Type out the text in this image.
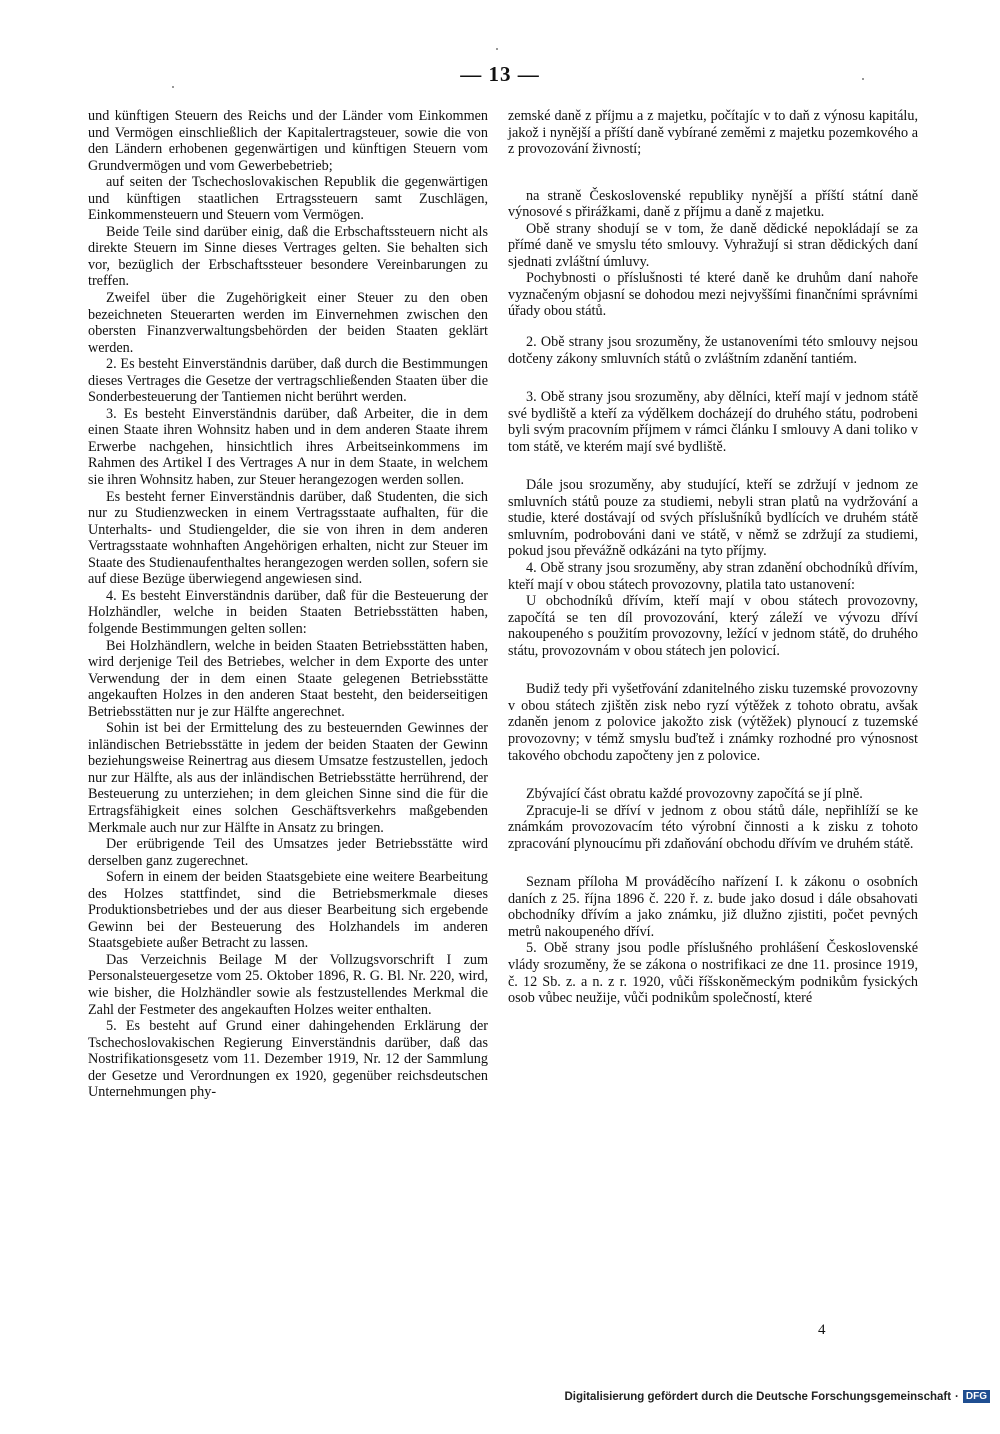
— 13 —

und künftigen Steuern des Reichs und der Länder vom Einkommen und Vermögen einschließlich der Kapitalertragsteuer, sowie die von den Ländern erhobenen gegenwärtigen und künftigen Steuern vom Grundvermögen und vom Gewerbebetrieb;

auf seiten der Tschechoslovakischen Republik die gegenwärtigen und künftigen staatlichen Ertragssteuern samt Zuschlägen, Einkommensteuern und Steuern vom Vermögen.

Beide Teile sind darüber einig, daß die Erbschaftssteuern nicht als direkte Steuern im Sinne dieses Vertrages gelten. Sie behalten sich vor, bezüglich der Erbschaftssteuer besondere Vereinbarungen zu treffen.

Zweifel über die Zugehörigkeit einer Steuer zu den oben bezeichneten Steuerarten werden im Einvernehmen zwischen den obersten Finanzverwaltungsbehörden der beiden Staaten geklärt werden.

2. Es besteht Einverständnis darüber, daß durch die Bestimmungen dieses Vertrages die Gesetze der vertragschließenden Staaten über die Sonderbesteuerung der Tantiemen nicht berührt werden.

3. Es besteht Einverständnis darüber, daß Arbeiter, die in dem einen Staate ihren Wohnsitz haben und in dem anderen Staate ihrem Erwerbe nachgehen, hinsichtlich ihres Arbeitseinkommens im Rahmen des Artikel I des Vertrages A nur in dem Staate, in welchem sie ihren Wohnsitz haben, zur Steuer herangezogen werden sollen.

Es besteht ferner Einverständnis darüber, daß Studenten, die sich nur zu Studienzwecken in einem Vertragsstaate aufhalten, für die Unterhalts- und Studiengelder, die sie von ihren in dem anderen Vertragsstaate wohnhaften Angehörigen erhalten, nicht zur Steuer im Staate des Studienaufenthaltes herangezogen werden sollen, sofern sie auf diese Bezüge überwiegend angewiesen sind.

4. Es besteht Einverständnis darüber, daß für die Besteuerung der Holzhändler, welche in beiden Staaten Betriebsstätten haben, folgende Bestimmungen gelten sollen:

Bei Holzhändlern, welche in beiden Staaten Betriebsstätten haben, wird derjenige Teil des Betriebes, welcher in dem Exporte des unter Verwendung der in dem einen Staate gelegenen Betriebsstätte angekauften Holzes in den anderen Staat besteht, den beiderseitigen Betriebsstätten nur je zur Hälfte angerechnet.

Sohin ist bei der Ermittelung des zu besteuernden Gewinnes der inländischen Betriebsstätte in jedem der beiden Staaten der Gewinn beziehungsweise Reinertrag aus diesem Umsatze festzustellen, jedoch nur zur Hälfte, als aus der inländischen Betriebsstätte herrührend, der Besteuerung zu unterziehen; in dem gleichen Sinne sind die für die Ertragsfähigkeit eines solchen Geschäftsverkehrs maßgebenden Merkmale auch nur zur Hälfte in Ansatz zu bringen.

Der erübrigende Teil des Umsatzes jeder Betriebsstätte wird derselben ganz zugerechnet.

Sofern in einem der beiden Staatsgebiete eine weitere Bearbeitung des Holzes stattfindet, sind die Betriebsmerkmale dieses Produktionsbetriebes und der aus dieser Bearbeitung sich ergebende Gewinn bei der Besteuerung des Holzhandels im anderen Staatsgebiete außer Betracht zu lassen.

Das Verzeichnis Beilage M der Vollzugsvorschrift I zum Personalsteuergesetze vom 25. Oktober 1896, R. G. Bl. Nr. 220, wird, wie bisher, die Holzhändler sowie als festzustellendes Merkmal die Zahl der Festmeter des angekauften Holzes weiter enthalten.

5. Es besteht auf Grund einer dahingehenden Erklärung der Tschechoslovakischen Regierung Einverständnis darüber, daß das Nostrifikationsgesetz vom 11. Dezember 1919, Nr. 12 der Sammlung der Gesetze und Verordnungen ex 1920, gegenüber reichsdeutschen Unternehmungen phy-

zemské daně z příjmu a z majetku, počítajíc v to daň z výnosu kapitálu, jakož i nynější a příští daně vybírané zeměmi z majetku pozemkového a z provozování živností;

na straně Československé republiky nynější a příští státní daně výnosové s přirážkami, daně z příjmu a daně z majetku.

Obě strany shodují se v tom, že daně dědické nepokládají se za přímé daně ve smyslu této smlouvy. Vyhražují si stran dědických daní sjednati zvláštní úmluvy.

Pochybnosti o příslušnosti té které daně ke druhům daní nahoře vyznačeným objasní se dohodou mezi nejvyššími finančními správními úřady obou států.

2. Obě strany jsou srozuměny, že ustanoveními této smlouvy nejsou dotčeny zákony smluvních států o zvláštním zdanění tantiém.

3. Obě strany jsou srozuměny, aby dělníci, kteří mají v jednom státě své bydliště a kteří za výdělkem docházejí do druhého státu, podrobeni byli svým pracovním příjmem v rámci článku I smlouvy A dani toliko v tom státě, ve kterém mají své bydliště.

Dále jsou srozuměny, aby studující, kteří se zdržují v jednom ze smluvních států pouze za studiemi, nebyli stran platů na vydržování a studie, které dostávají od svých příslušníků bydlících ve druhém státě smluvním, podrobováni dani ve státě, v němž se zdržují za studiemi, pokud jsou převážně odkázáni na tyto příjmy.

4. Obě strany jsou srozuměny, aby stran zdanění obchodníků dřívím, kteří mají v obou státech provozovny, platila tato ustanovení:

U obchodníků dřívím, kteří mají v obou státech provozovny, započítá se ten díl provozování, který záleží ve vývozu dříví nakoupeného s použitím provozovny, ležící v jednom státě, do druhého státu, provozovnám v obou státech jen polovicí.

Budiž tedy při vyšetřování zdanitelného zisku tuzemské provozovny v obou státech zjištěn zisk nebo ryzí výtěžek z tohoto obratu, avšak zdaněn jenom z polovice jakožto zisk (výtěžek) plynoucí z tuzemské provozovny; v témž smyslu buďtež i známky rozhodné pro výnosnost takového obchodu započteny jen z polovice.

Zbývající část obratu každé provozovny započítá se jí plně.

Zpracuje-li se dříví v jednom z obou států dále, nepřihlíží se ke známkám provozovacím této výrobní činnosti a k zisku z tohoto zpracování plynoucímu při zdaňování obchodu dřívím ve druhém státě.

Seznam příloha M prováděcího nařízení I. k zákonu o osobních daních z 25. října 1896 č. 220 ř. z. bude jako dosud i dále obsahovati obchodníky dřívím a jako známku, již dlužno zjistiti, počet pevných metrů nakoupeného dříví.

5. Obě strany jsou podle příslušného prohlášení Československé vlády srozuměny, že se zákona o nostrifikaci ze dne 11. prosince 1919, č. 12 Sb. z. a n. z r. 1920, vůči říšskoněmeckým podnikům fysických osob vůbec neužije, vůči podnikům společností, které

4
Digitalisierung gefördert durch die Deutsche Forschungsgemeinschaft · DFG
